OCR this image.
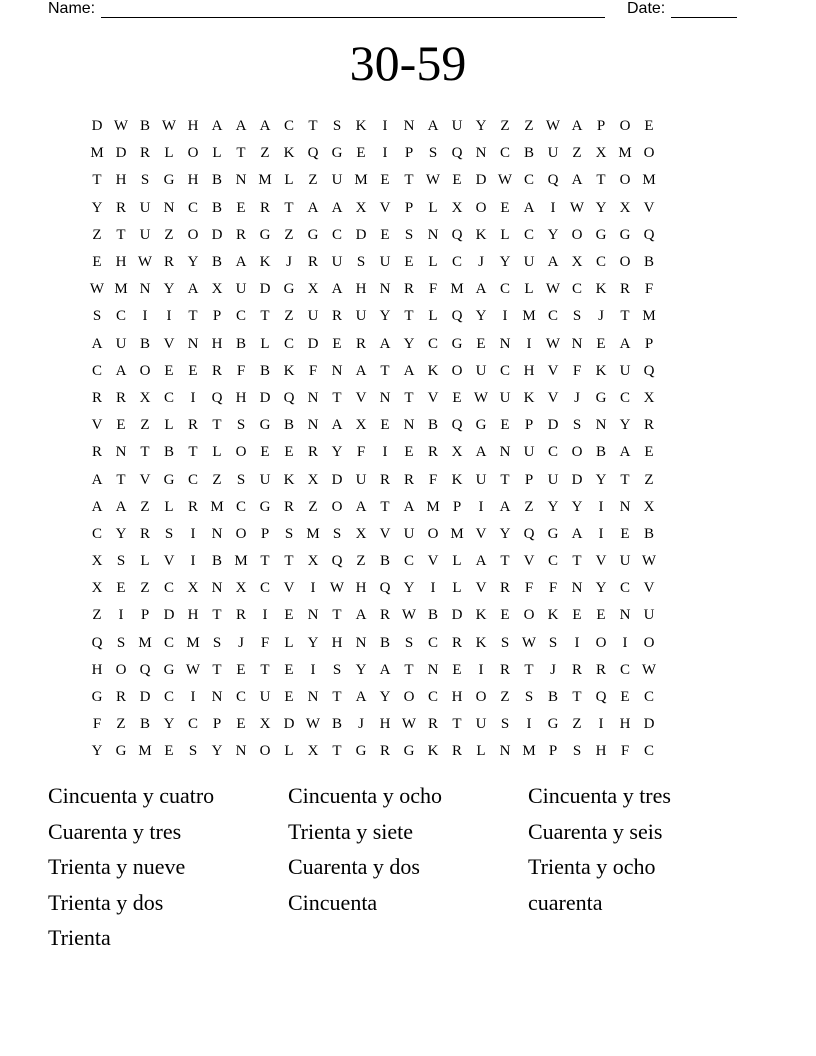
Name:	Date:
30-59
D W B W H A A A C T	S K	I	N A U Y Z Z W A P O E
M D R L O L T Z K Q G E	I	P	S Q N C B U Z X M O
T H S G H B N M L Z U M E T W E D W C Q A T O M
Y R U N C B E R T A A X V P	L X O E A	I W Y X V
Z T U Z O D R G Z G C D E	S N Q K L C Y O G G Q
E H W R Y B A K	J	R U S U E L C	J	Y U A X C O B
W M N Y A X U D G X A H N R F M A C L W C K R F
S C	I	I	T	P C T Z U R U Y T L Q Y	I M C S	J	T M
A U B V N H B L C D E R A Y C G E N	I W N E A P
C A O E E R F B K F N A T A K O U C H V F K U Q
R R X C	I	Q H D Q N T V N T V E W U K V	J	G C X
V E Z L R T	S G B N A X E N B Q G E	P D S N Y R
R N T B T L O E E R Y F	I	E R X A N U C O B A E
A T V G C Z	S U K X D U R R F K U T	P U D Y T Z
A A Z L R M C G R Z O A T A M P	I	A Z Y Y	I	N X
C Y R S	I	N O P	S M S X V U O M V Y Q G A	I	E B
X S	L V	I	B M T T X Q Z B C V L A T V C T V U W
X E Z C X N X C V	I W H Q Y	I	L V R F	F N Y C V
Z	I	P D H T R	I	E N T A R W B D K E O K E E N U
Q S M C M S	J	F	L Y H N B S C R K S W S	I	O	I	O
H O Q G W T E T E	I	S Y A T N E	I	R T	J	R R C W
G R D C	I	N C U E N T A Y O C H O Z	S B T Q E C
F	Z B Y C P	E X D W B	J	H W R T U S	I	G Z	I	H D
Y G M E	S Y N O L X T G R G K R L N M P	S H F C
Cincuenta y cuatro	Cincuenta y ocho	Cincuenta y tres
Cuarenta y tres	Trienta y siete	Cuarenta y seis
Trienta y nueve	Cuarenta y dos	Trienta y ocho
Trienta y dos	Cincuenta	cuarenta
Trienta
